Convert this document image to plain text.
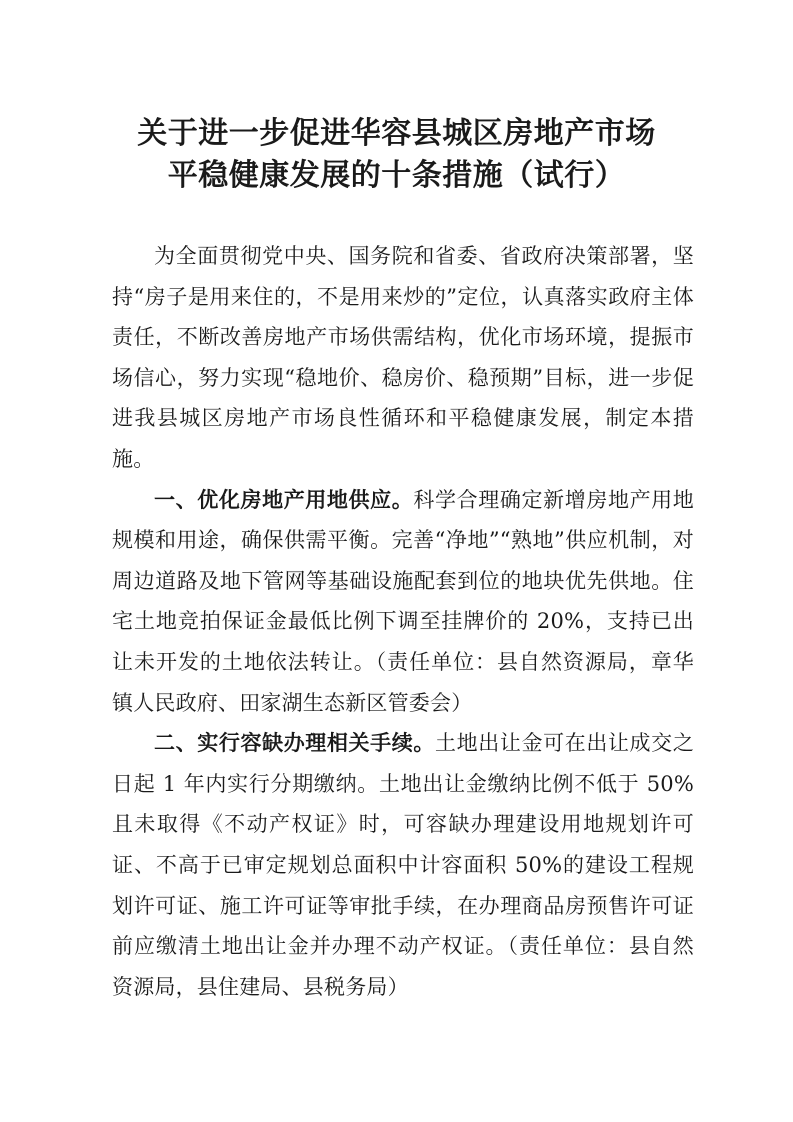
关于进一步促进华容县城区房地产市场
平稳健康发展的十条措施（试行）

为全面贯彻党中央、国务院和省委、省政府决策部署，坚持“房子是用来住的，不是用来炒的”定位，认真落实政府主体责任，不断改善房地产市场供需结构，优化市场环境，提振市场信心，努力实现“稳地价、稳房价、稳预期”目标，进一步促进我县城区房地产市场良性循环和平稳健康发展，制定本措施。

一、优化房地产用地供应。科学合理确定新增房地产用地规模和用途，确保供需平衡。完善“净地”“熟地”供应机制，对周边道路及地下管网等基础设施配套到位的地块优先供地。住宅土地竞拍保证金最低比例下调至挂牌价的 20%，支持已出让未开发的土地依法转让。（责任单位：县自然资源局，章华镇人民政府、田家湖生态新区管委会）

二、实行容缺办理相关手续。土地出让金可在出让成交之日起 1 年内实行分期缴纳。土地出让金缴纳比例不低于 50%且未取得《不动产权证》时，可容缺办理建设用地规划许可证、不高于已审定规划总面积中计容面积 50%的建设工程规划许可证、施工许可证等审批手续，在办理商品房预售许可证前应缴清土地出让金并办理不动产权证。（责任单位：县自然资源局，县住建局、县税务局）
